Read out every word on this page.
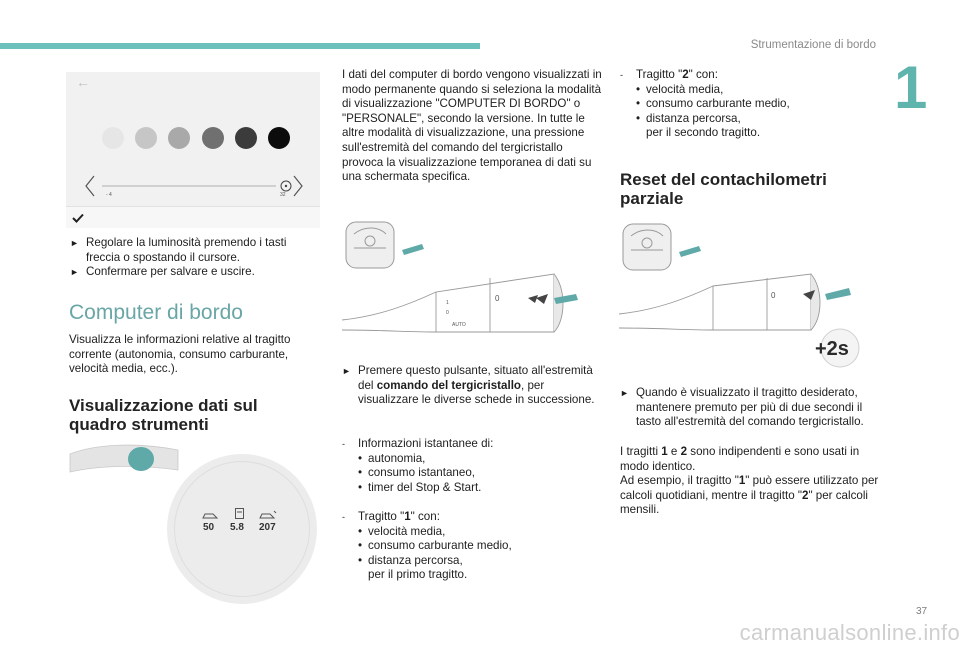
Strumentazione di bordo
1
←
- 4	32
► Regolare la luminosità premendo i tasti freccia o spostando il cursore.
► Confermare per salvare e uscire.
Computer di bordo
Visualizza le informazioni relative al tragitto corrente (autonomia, consumo carburante, velocità media, ecc.).
Visualizzazione dati sul quadro strumenti
50 5.8 207
I dati del computer di bordo vengono visualizzati in modo permanente quando si seleziona la modalità di visualizzazione "COMPUTER DI BORDO" o "PERSONALE", secondo la versione. In tutte le altre modalità di visualizzazione, una pressione sull'estremità del comando del tergicristallo provoca la visualizzazione temporanea di dati su una schermata specifica.
0
AUTO
0
1
► Premere questo pulsante, situato all'estremità del comando del tergicristallo, per visualizzare le diverse schede in successione.
-	Informazioni istantanee di:
• autonomia,
• consumo istantaneo,
• timer del Stop & Start.
-	Tragitto "1" con:
• velocità media,
• consumo carburante medio,
• distanza percorsa,
per il primo tragitto.
-	Tragitto "2" con:
• velocità media,
• consumo carburante medio,
• distanza percorsa,
per il secondo tragitto.
Reset del contachilometri parziale
0
+2s
► Quando è visualizzato il tragitto desiderato, mantenere premuto per più di due secondi il tasto all'estremità del comando tergicristallo.
I tragitti 1 e 2 sono indipendenti e sono usati in modo identico.
Ad esempio, il tragitto "1" può essere utilizzato per calcoli quotidiani, mentre il tragitto "2" per calcoli mensili.
37
carmanualsonline.info
